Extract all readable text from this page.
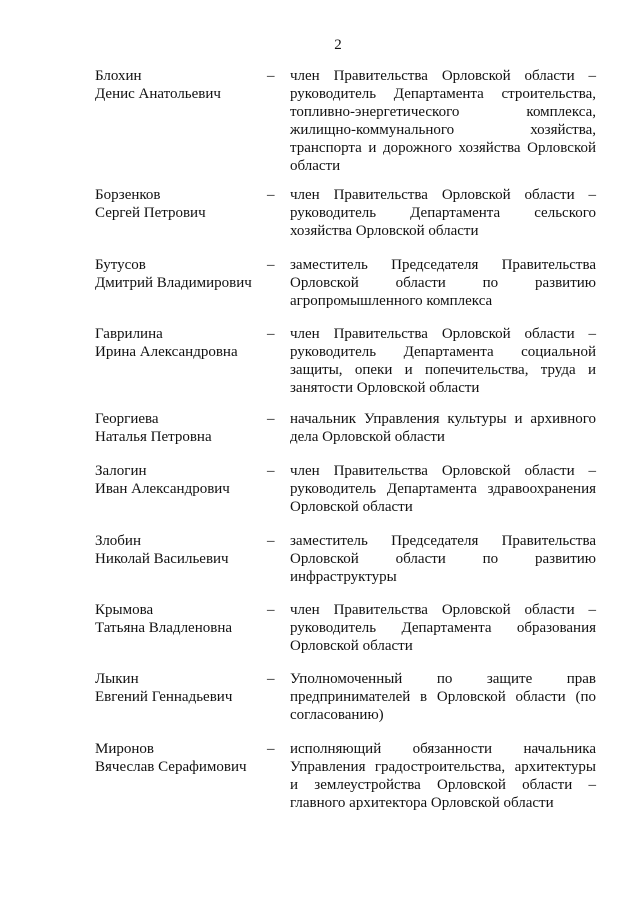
2
Блохин
Денис Анатольевич
– член Правительства Орловской области – руководитель Департамента строительства, топливно-энергетического комплекса, жилищно-коммунального хозяйства, транспорта и дорожного хозяйства Орловской области
Борзенков
Сергей Петрович
– член Правительства Орловской области – руководитель Департамента сельского хозяйства Орловской области
Бутусов
Дмитрий Владимирович
– заместитель Председателя Правительства Орловской области по развитию агропромышленного комплекса
Гаврилина
Ирина Александровна
– член Правительства Орловской области – руководитель Департамента социальной защиты, опеки и попечительства, труда и занятости Орловской области
Георгиева
Наталья Петровна
– начальник Управления культуры и архивного дела Орловской области
Залогин
Иван Александрович
– член Правительства Орловской области – руководитель Департамента здравоохранения Орловской области
Злобин
Николай Васильевич
– заместитель Председателя Правительства Орловской области по развитию инфраструктуры
Крымова
Татьяна Владленовна
– член Правительства Орловской области – руководитель Департамента образования Орловской области
Лыкин
Евгений Геннадьевич
– Уполномоченный по защите прав предпринимателей в Орловской области (по согласованию)
Миронов
Вячеслав Серафимович
– исполняющий обязанности начальника Управления градостроительства, архитектуры и землеустройства Орловской области – главного архитектора Орловской области
